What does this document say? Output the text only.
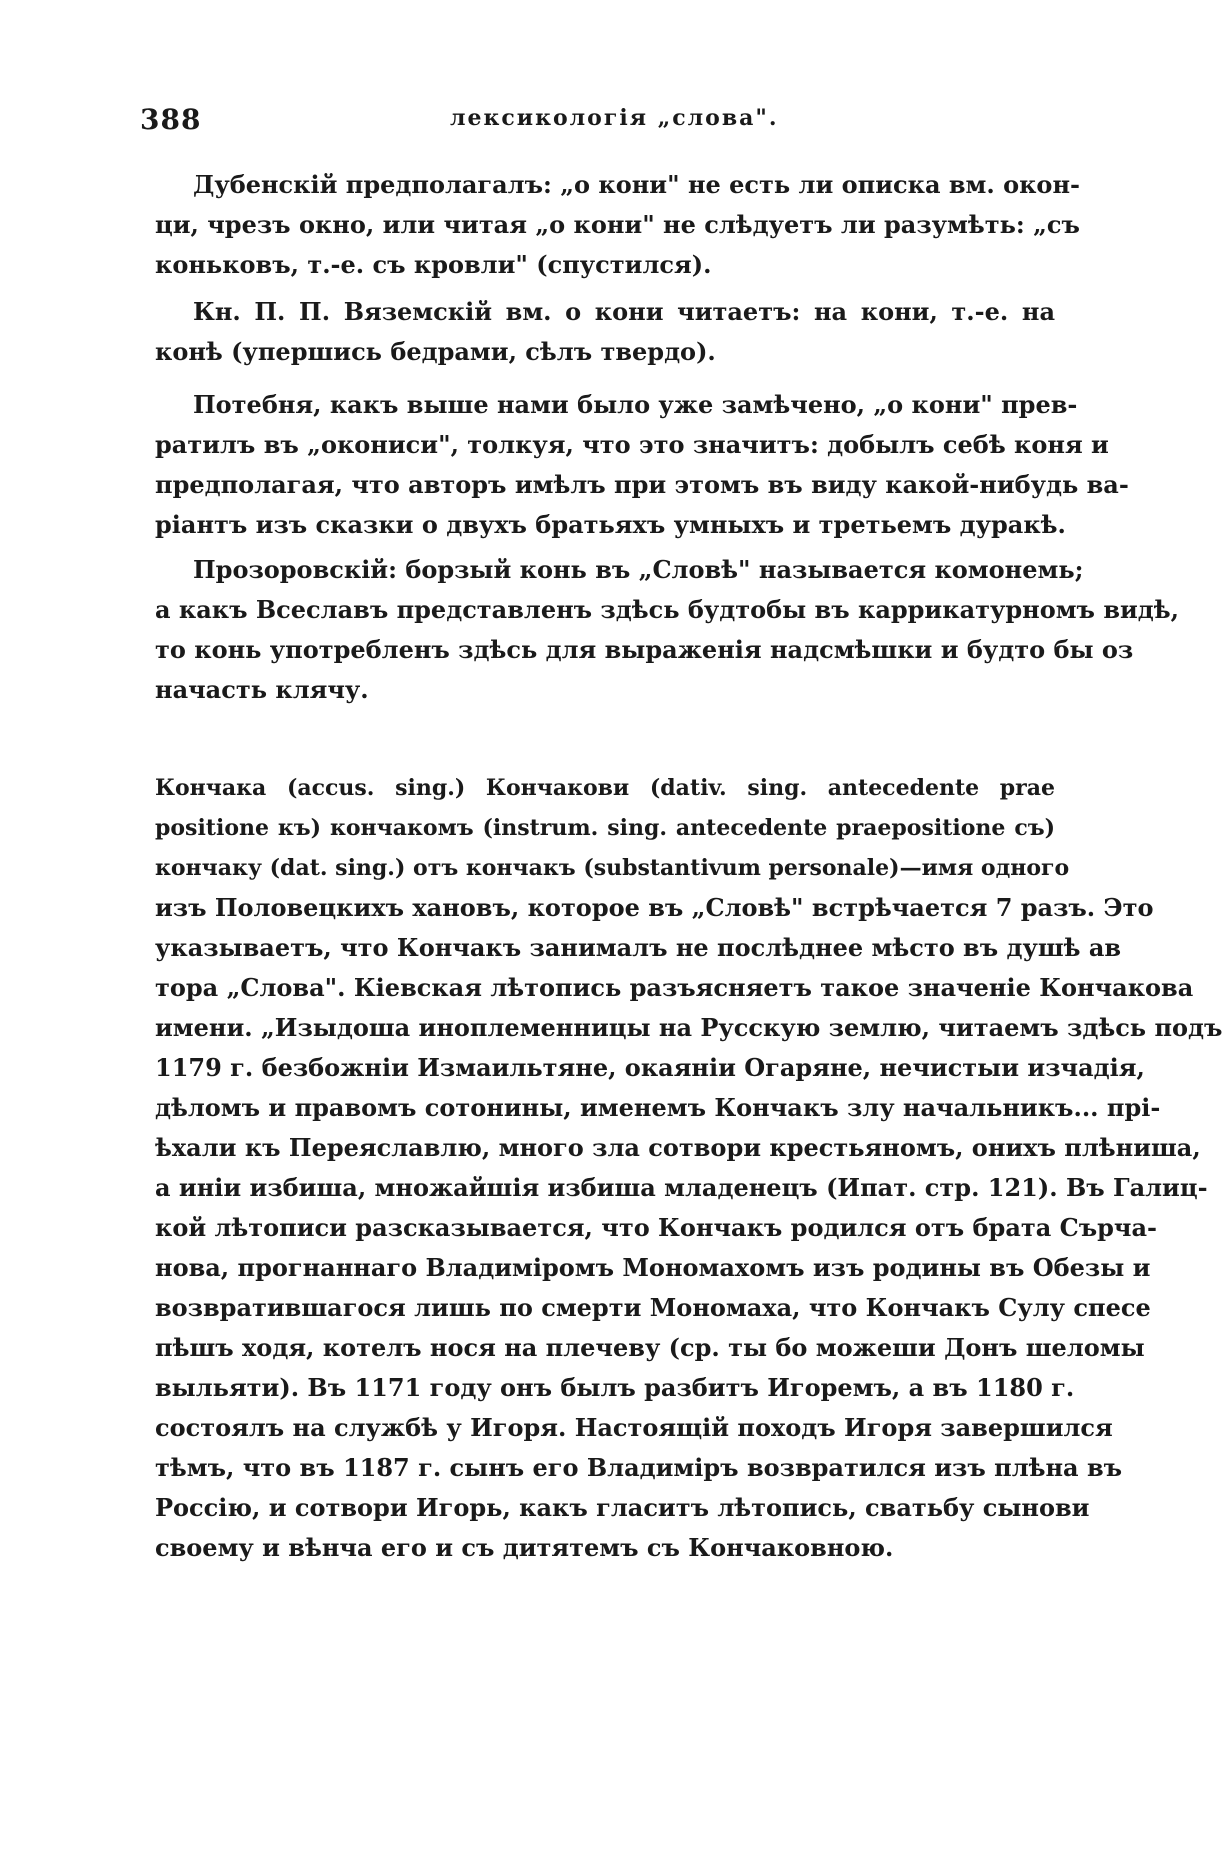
388	лексикологія „слова".
Дубенскій предполагалъ: „о кони" не есть ли описка вм. окон-
ци, чрезъ окно, или читая „о кони" не слѣдуетъ ли разумѣть: „съ
коньковъ, т.-е. съ кровли" (спустился).
Кн. П. П. Вяземскій вм. о кони читаетъ: на кони, т.-е. на
конѣ (упершись бедрами, сѣлъ твердо).
Потебня, какъ выше нами было уже замѣчено, „о кони" прев-
ратилъ въ „окониси", толкуя, что это значитъ: добылъ себѣ коня и
предполагая, что авторъ имѣлъ при этомъ въ виду какой-нибудь ва-
ріантъ изъ сказки о двухъ братьяхъ умныхъ и третьемъ дуракѣ.
Прозоровскій: борзый конь въ „Словѣ" называется комонемь;
а какъ Всеславъ представленъ здѣсь будтобы въ каррикатурномъ видѣ,
то конь употребленъ здѣсь для выраженія надсмѣшки и будто бы оз
начасть клячу.
Кончака (accus. sing.) Кончакови (dativ. sing. antecedente prae
positione къ) кончакомъ (instrum. sing. antecedente praepositione съ)
кончаку (dat. sing.) отъ кончакъ (substantivum personale)—имя одного
изъ Половецкихъ хановъ, которое въ „Словѣ" встрѣчается 7 разъ. Это
указываетъ, что Кончакъ занималъ не послѣднее мѣсто въ душѣ ав
тора „Слова". Кіевская лѣтопись разъясняетъ такое значеніе Кончакова
имени. „Изыдоша иноплеменницы на Русскую землю, читаемъ здѣсь подъ
1179 г. безбожніи Измаильтяне, окаяніи Огаряне, нечистыи изчадія,
дѣломъ и правомъ сотонины, именемъ Кончакъ злу начальникъ... прі-
ѣхали къ Переяславлю, много зла сотвори крестьяномъ, онихъ плѣниша,
а иніи избиша, множайшія избиша младенецъ (Ипат. стр. 121). Въ Галиц-
кой лѣтописи разсказывается, что Кончакъ родился отъ брата Сърча-
нова, прогнаннаго Владиміромъ Мономахомъ изъ родины въ Обезы и
возвратившагося лишь по смерти Мономаха, что Кончакъ Сулу спесе
пѣшъ ходя, котелъ нося на плечеву (ср. ты бо можеши Донъ шеломы
выльяти). Въ 1171 году онъ былъ разбитъ Игоремъ, а въ 1180 г.
состоялъ на службѣ у Игоря. Настоящій походъ Игоря завершился
тѣмъ, что въ 1187 г. сынъ его Владиміръ возвратился изъ плѣна въ
Россію, и сотвори Игорь, какъ гласитъ лѣтопись, сватьбу сынови
своему и вѣнча его и съ дитятемъ съ Кончаковною.
